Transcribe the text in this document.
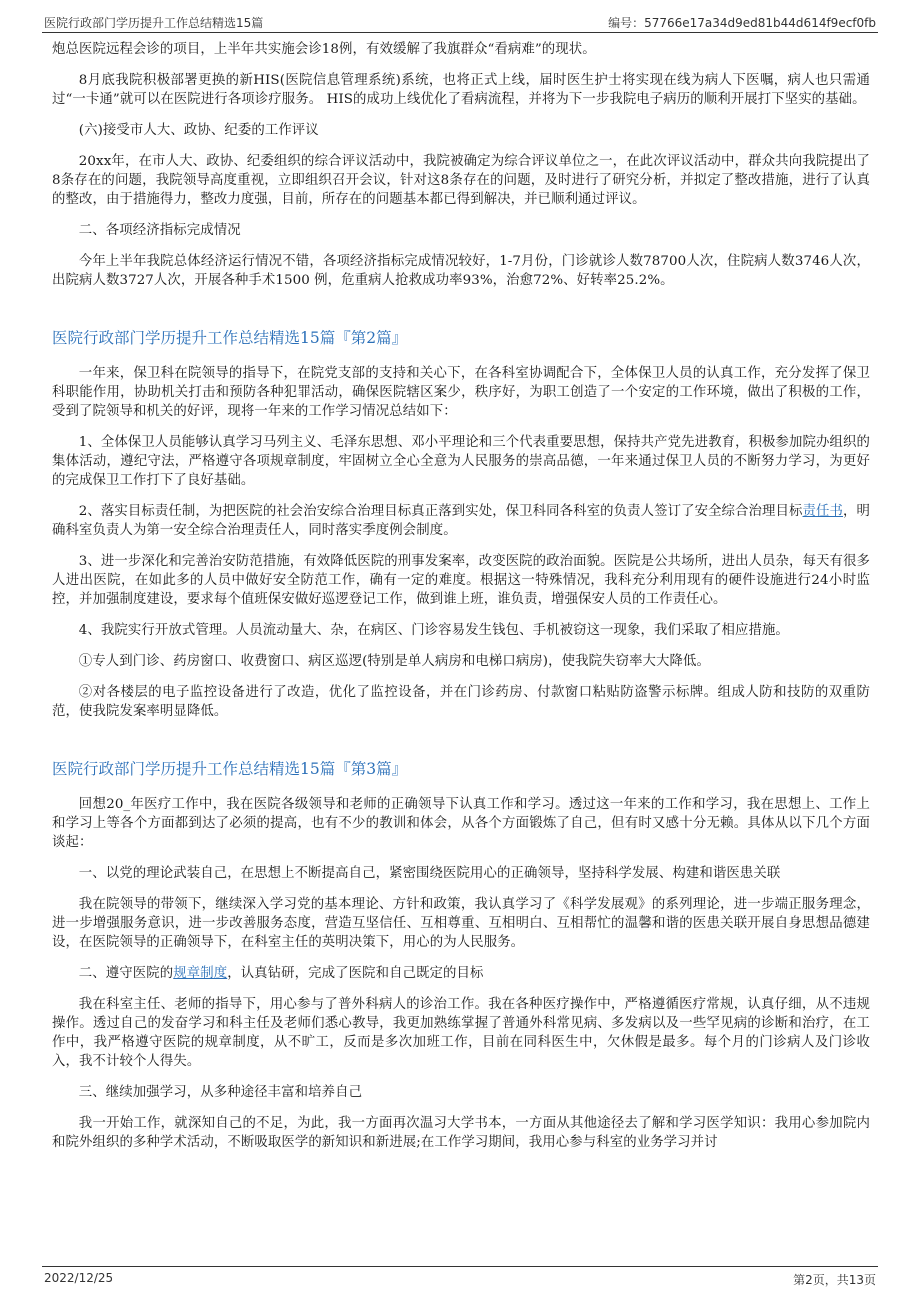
医院行政部门学历提升工作总结精选15篇	编号：57766e17a34d9ed81b44d614f9ecf0fb

炮总医院远程会诊的项目，上半年共实施会诊18例，有效缓解了我旗群众“看病难”的现状。

8月底我院积极部署更换的新HIS(医院信息管理系统)系统，也将正式上线，届时医生护士将实现在线为病人下医嘱，病人也只需通过“一卡通”就可以在医院进行各项诊疗服务。 HIS的成功上线优化了看病流程，并将为下一步我院电子病历的顺利开展打下坚实的基础。

(六)接受市人大、政协、纪委的工作评议

20xx年，在市人大、政协、纪委组织的综合评议活动中，我院被确定为综合评议单位之一，在此次评议活动中，群众共向我院提出了8条存在的问题，我院领导高度重视，立即组织召开会议，针对这8条存在的问题，及时进行了研究分析，并拟定了整改措施，进行了认真的整改，由于措施得力，整改力度强，目前，所存在的问题基本都已得到解决，并已顺利通过评议。

二、各项经济指标完成情况

今年上半年我院总体经济运行情况不错，各项经济指标完成情况较好，1-7月份，门诊就诊人数78700人次，住院病人数3746人次，出院病人数3727人次，开展各种手术1500 例，危重病人抢救成功率93%，治愈72%、好转率25.2%。

医院行政部门学历提升工作总结精选15篇『第2篇』

一年来，保卫科在院领导的指导下，在院党支部的支持和关心下，在各科室协调配合下，全体保卫人员的认真工作，充分发挥了保卫科职能作用，协助机关打击和预防各种犯罪活动，确保医院辖区案少，秩序好，为职工创造了一个安定的工作环境，做出了积极的工作，受到了院领导和机关的好评，现将一年来的工作学习情况总结如下：

1、全体保卫人员能够认真学习马列主义、毛泽东思想、邓小平理论和三个代表重要思想，保持共产党先进教育，积极参加院办组织的集体活动，遵纪守法，严格遵守各项规章制度，牢固树立全心全意为人民服务的崇高品德，一年来通过保卫人员的不断努力学习，为更好的完成保卫工作打下了良好基础。

2、落实目标责任制，为把医院的社会治安综合治理目标真正落到实处，保卫科同各科室的负责人签订了安全综合治理目标责任书，明确科室负责人为第一安全综合治理责任人，同时落实季度例会制度。

3、进一步深化和完善治安防范措施，有效降低医院的刑事发案率，改变医院的政治面貌。医院是公共场所，进出人员杂，每天有很多人进出医院，在如此多的人员中做好安全防范工作，确有一定的难度。根据这一特殊情况，我科充分利用现有的硬件设施进行24小时监控，并加强制度建设，要求每个值班保安做好巡逻登记工作，做到谁上班，谁负责，增强保安人员的工作责任心。

4、我院实行开放式管理。人员流动量大、杂，在病区、门诊容易发生钱包、手机被窃这一现象，我们采取了相应措施。

①专人到门诊、药房窗口、收费窗口、病区巡逻(特别是单人病房和电梯口病房)，使我院失窃率大大降低。

②对各楼层的电子监控设备进行了改造，优化了监控设备，并在门诊药房、付款窗口粘贴防盗警示标牌。组成人防和技防的双重防范，使我院发案率明显降低。

医院行政部门学历提升工作总结精选15篇『第3篇』

回想20_年医疗工作中，我在医院各级领导和老师的正确领导下认真工作和学习。透过这一年来的工作和学习，我在思想上、工作上和学习上等各个方面都到达了必须的提高，也有不少的教训和体会，从各个方面锻炼了自己，但有时又感十分无赖。具体从以下几个方面谈起：

一、以党的理论武装自己，在思想上不断提高自己，紧密围绕医院用心的正确领导，坚持科学发展、构建和谐医患关联

我在院领导的带领下，继续深入学习党的基本理论、方针和政策，我认真学习了《科学发展观》的系列理论，进一步端正服务理念，进一步增强服务意识，进一步改善服务态度，营造互坚信任、互相尊重、互相明白、互相帮忙的温馨和谐的医患关联开展自身思想品德建设，在医院领导的正确领导下，在科室主任的英明决策下，用心的为人民服务。

二、遵守医院的规章制度，认真钻研，完成了医院和自己既定的目标

我在科室主任、老师的指导下，用心参与了普外科病人的诊治工作。我在各种医疗操作中，严格遵循医疗常规，认真仔细，从不违规操作。透过自己的发奋学习和科主任及老师们悉心教导，我更加熟练掌握了普通外科常见病、多发病以及一些罕见病的诊断和治疗，在工作中，我严格遵守医院的规章制度，从不旷工，反而是多次加班工作，目前在同科医生中，欠休假是最多。每个月的门诊病人及门诊收入，我不计较个人得失。

三、继续加强学习，从多种途径丰富和培养自己

我一开始工作，就深知自己的不足，为此，我一方面再次温习大学书本，一方面从其他途径去了解和学习医学知识：我用心参加院内和院外组织的多种学术活动，不断吸取医学的新知识和新进展;在工作学习期间，我用心参与科室的业务学习并讨

2022/12/25	第2页，共13页
